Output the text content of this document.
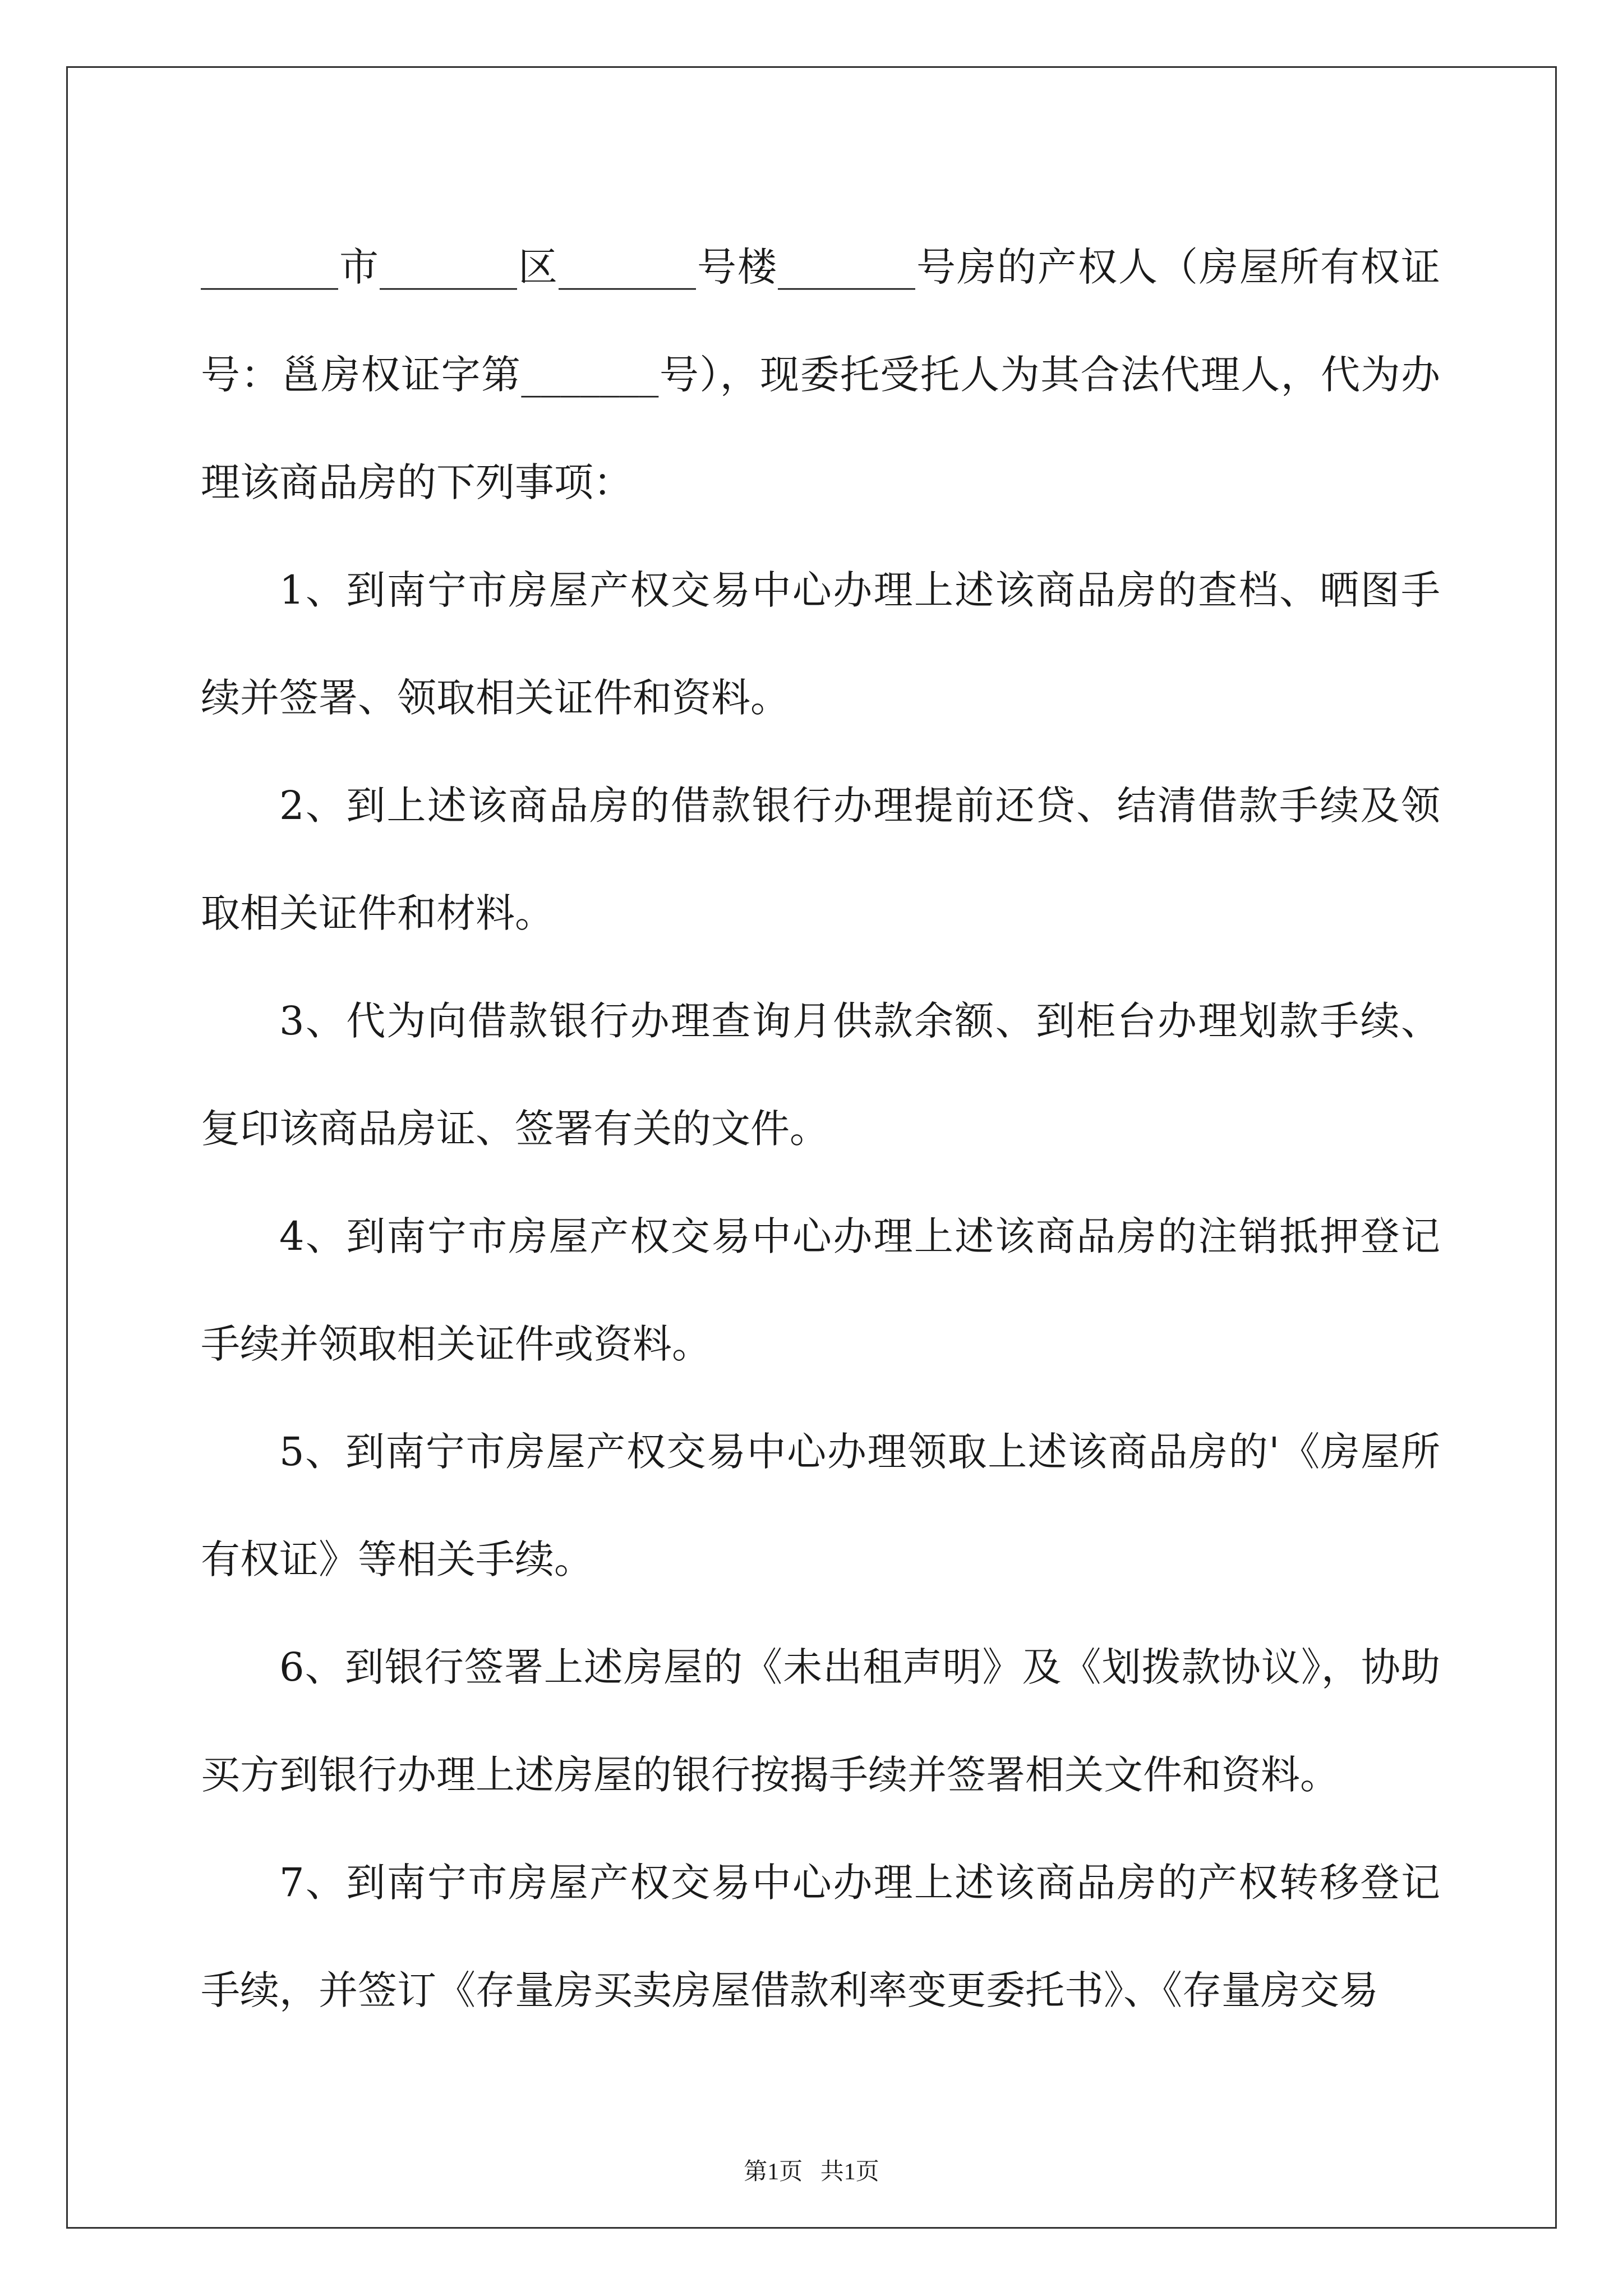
_______市_______区_______号楼_______号房的产权人（房屋所有权证号：邕房权证字第_______号），现委托受托人为其合法代理人，代为办理该商品房的下列事项：

1、到南宁市房屋产权交易中心办理上述该商品房的查档、晒图手续并签署、领取相关证件和资料。

2、到上述该商品房的借款银行办理提前还贷、结清借款手续及领取相关证件和材料。

3、代为向借款银行办理查询月供款余额、到柜台办理划款手续、复印该商品房证、签署有关的文件。

4、到南宁市房屋产权交易中心办理上述该商品房的注销抵押登记手续并领取相关证件或资料。

5、到南宁市房屋产权交易中心办理领取上述该商品房的'《房屋所有权证》等相关手续。

6、到银行签署上述房屋的《未出租声明》及《划拨款协议》，协助买方到银行办理上述房屋的银行按揭手续并签署相关文件和资料。

7、到南宁市房屋产权交易中心办理上述该商品房的产权转移登记手续，并签订《存量房买卖房屋借款利率变更委托书》、《存量房交易

第1页   共1页
